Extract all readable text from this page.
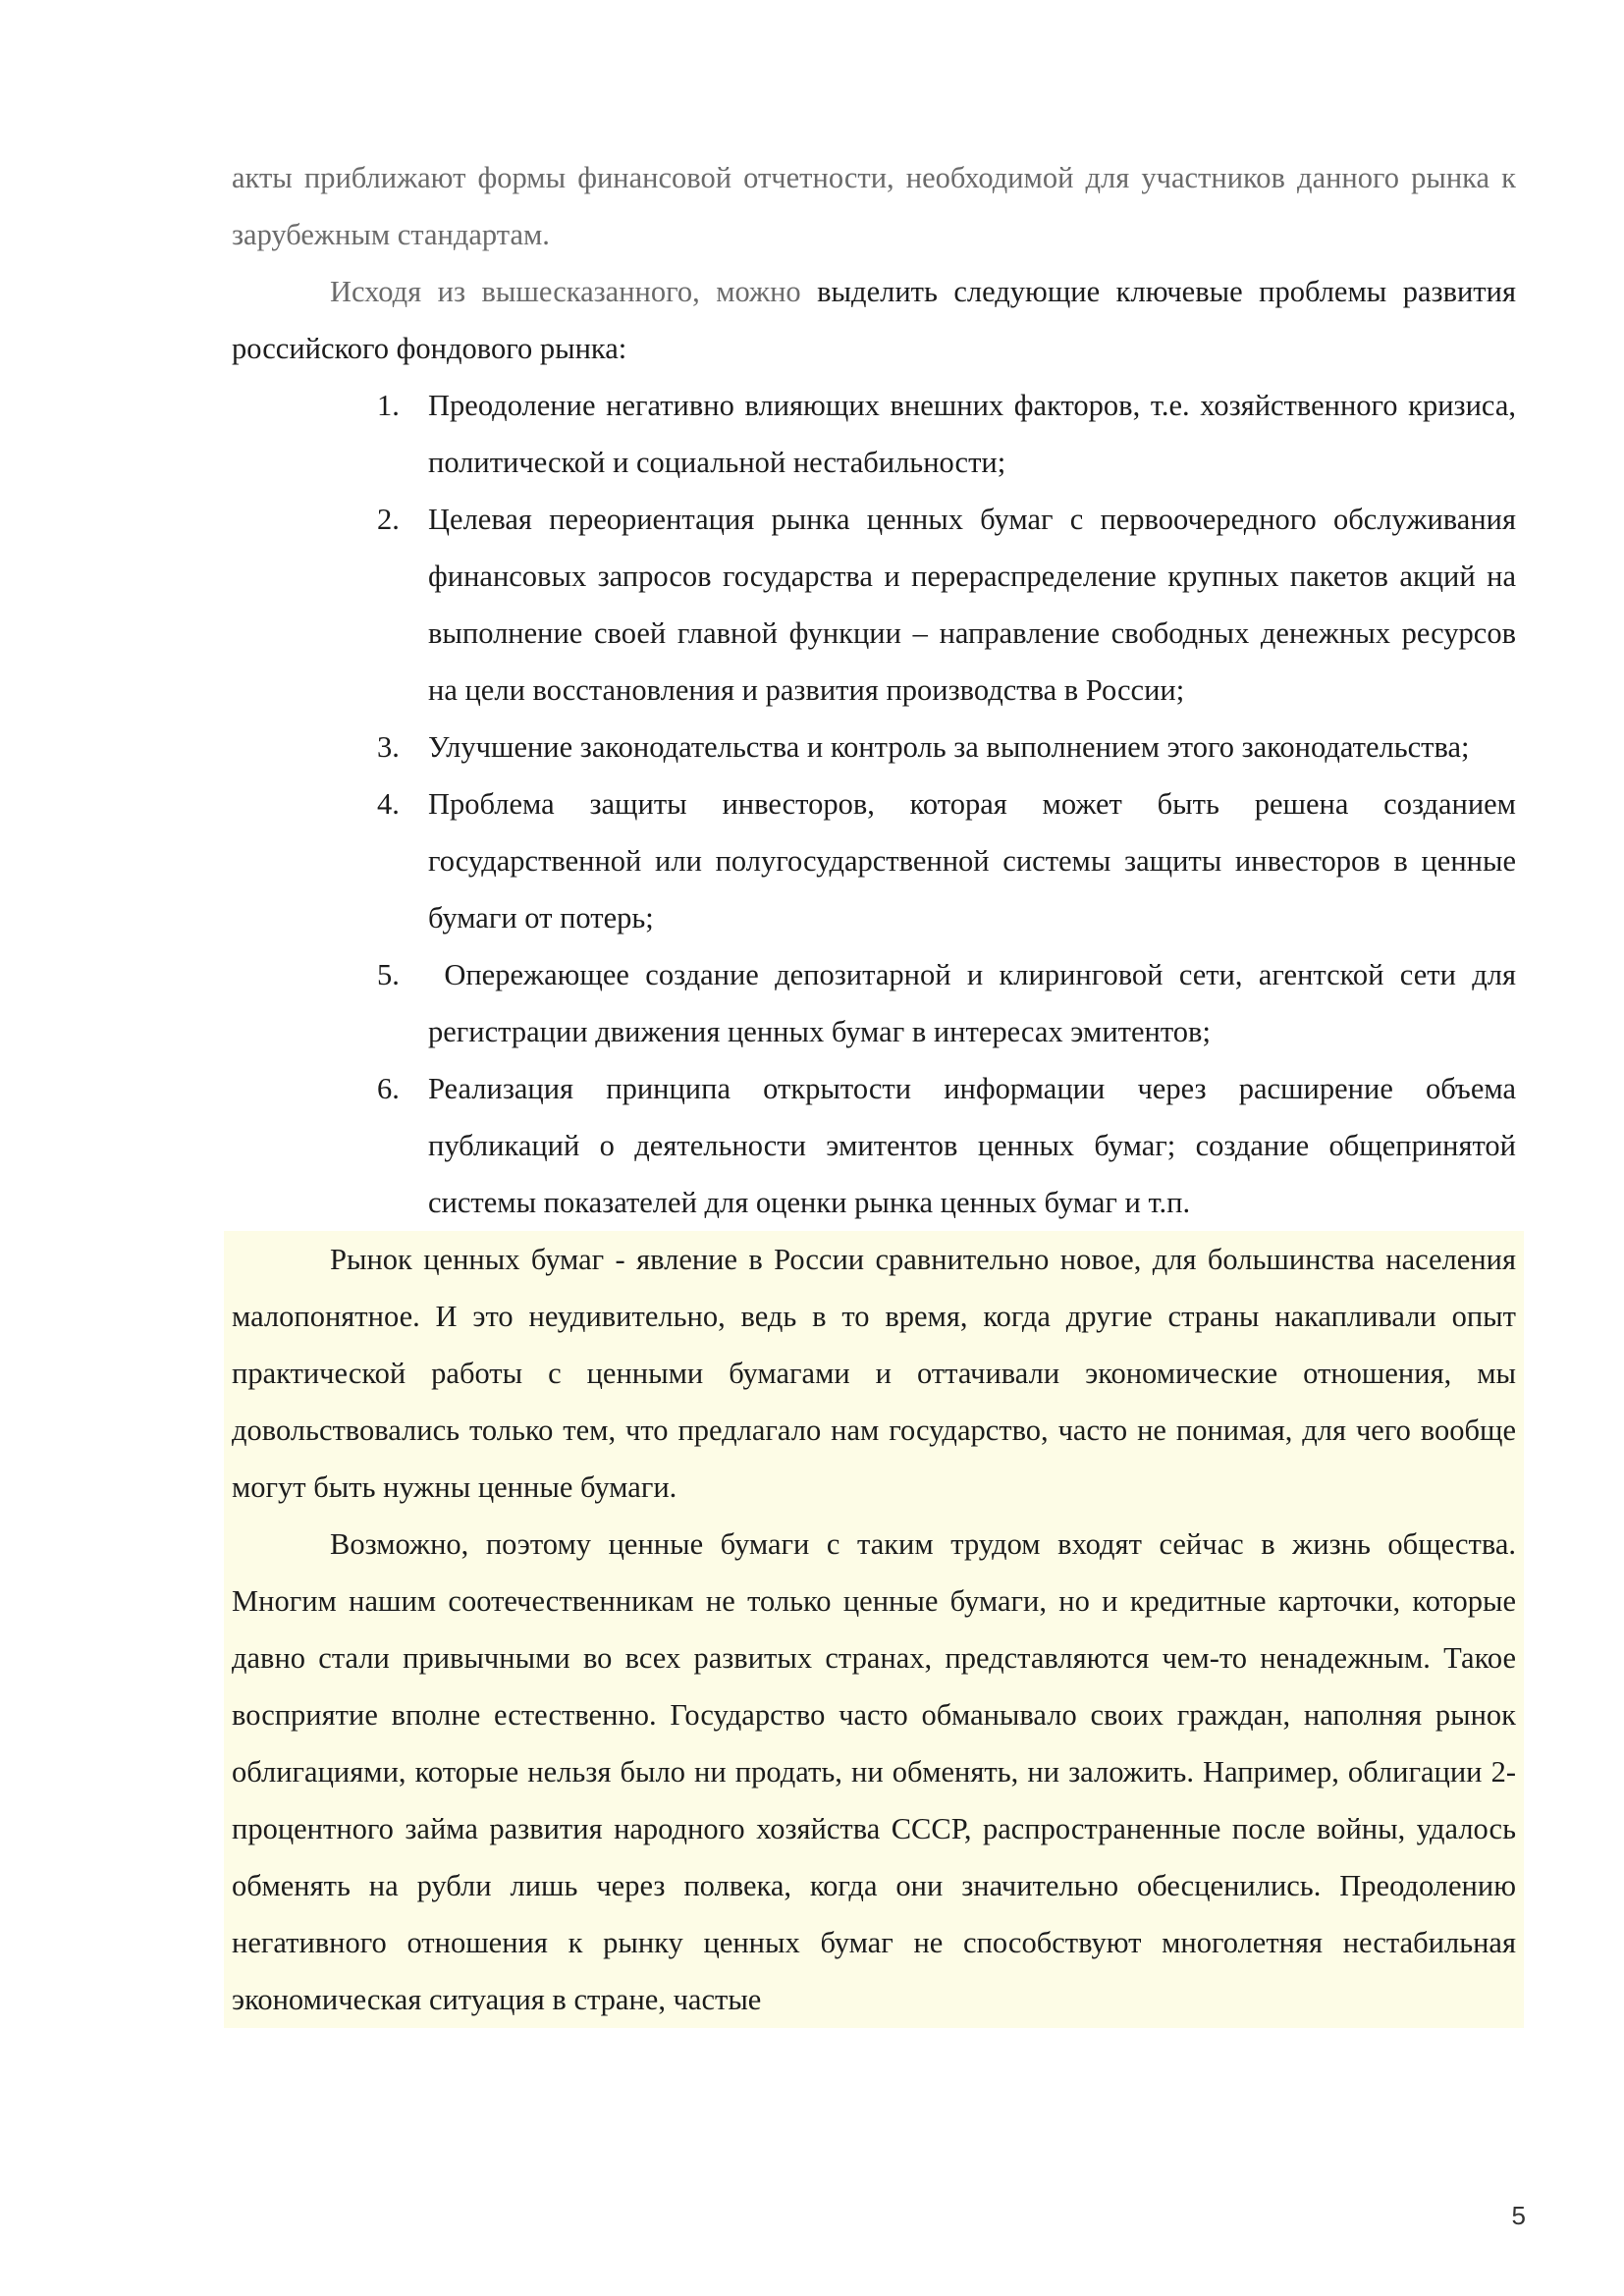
акты приближают формы финансовой отчетности, необходимой для участников данного рынка к зарубежным стандартам.

Исходя из вышесказанного, можно выделить следующие ключевые проблемы развития российского фондового рынка:

1. Преодоление негативно влияющих внешних факторов, т.е. хозяйственного кризиса, политической и социальной нестабильности;
2. Целевая переориентация рынка ценных бумаг с первоочередного обслуживания финансовых запросов государства и перераспределение крупных пакетов акций на выполнение своей главной функции – направление свободных денежных ресурсов на цели восстановления и развития производства в России;
3. Улучшение законодательства и контроль за выполнением этого законодательства;
4. Проблема защиты инвесторов, которая может быть решена созданием государственной или полугосударственной системы защиты инвесторов в ценные бумаги от потерь;
5. Опережающее создание депозитарной и клиринговой сети, агентской сети для регистрации движения ценных бумаг в интересах эмитентов;
6. Реализация принципа открытости информации через расширение объема публикаций о деятельности эмитентов ценных бумаг; создание общепринятой системы показателей для оценки рынка ценных бумаг и т.п.

Рынок ценных бумаг - явление в России сравнительно новое, для большинства населения малопонятное. И это неудивительно, ведь в то время, когда другие страны накапливали опыт практической работы с ценными бумагами и оттачивали экономические отношения, мы довольствовались только тем, что предлагало нам государство, часто не понимая, для чего вообще могут быть нужны ценные бумаги.

Возможно, поэтому ценные бумаги с таким трудом входят сейчас в жизнь общества. Многим нашим соотечественникам не только ценные бумаги, но и кредитные карточки, которые давно стали привычными во всех развитых странах, представляются чем-то ненадежным. Такое восприятие вполне естественно. Государство часто обманывало своих граждан, наполняя рынок облигациями, которые нельзя было ни продать, ни обменять, ни заложить. Например, облигации 2-процентного займа развития народного хозяйства СССР, распространенные после войны, удалось обменять на рубли лишь через полвека, когда они значительно обесценились. Преодолению негативного отношения к рынку ценных бумаг не способствуют многолетняя нестабильная экономическая ситуация в стране, частые

5
